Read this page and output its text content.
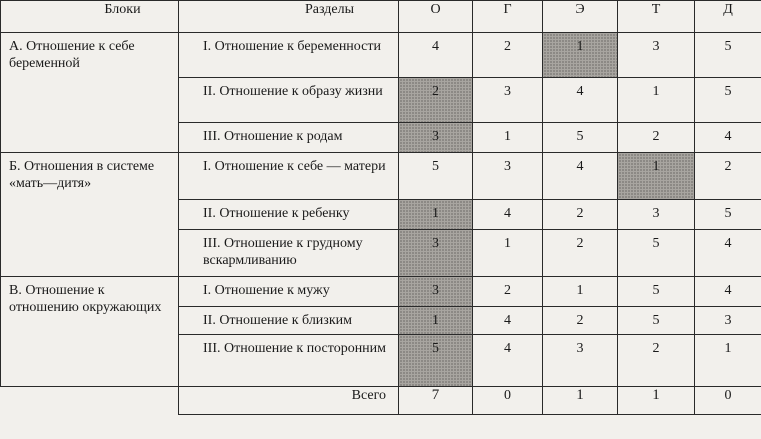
Блоки	Разделы	О	Г	Э	Т	Д
А. Отношение к себе беременной	I. Отношение к беременности	4	2	1	3	5
	II. Отношение к образу жизни	2	3	4	1	5
	III. Отношение к родам	3	1	5	2	4
Б. Отношения в системе «мать—дитя»	I. Отношение к себе — матери	5	3	4	1	2
	II. Отношение к ребенку	1	4	2	3	5
	III. Отношение к грудному вскармливанию	3	1	2	5	4
В. Отношение к отношению окружающих	I. Отношение к мужу	3	2	1	5	4
	II. Отношение к близким	1	4	2	5	3
	III. Отношение к посторонним	5	4	3	2	1
	Всего	7	0	1	1	0
